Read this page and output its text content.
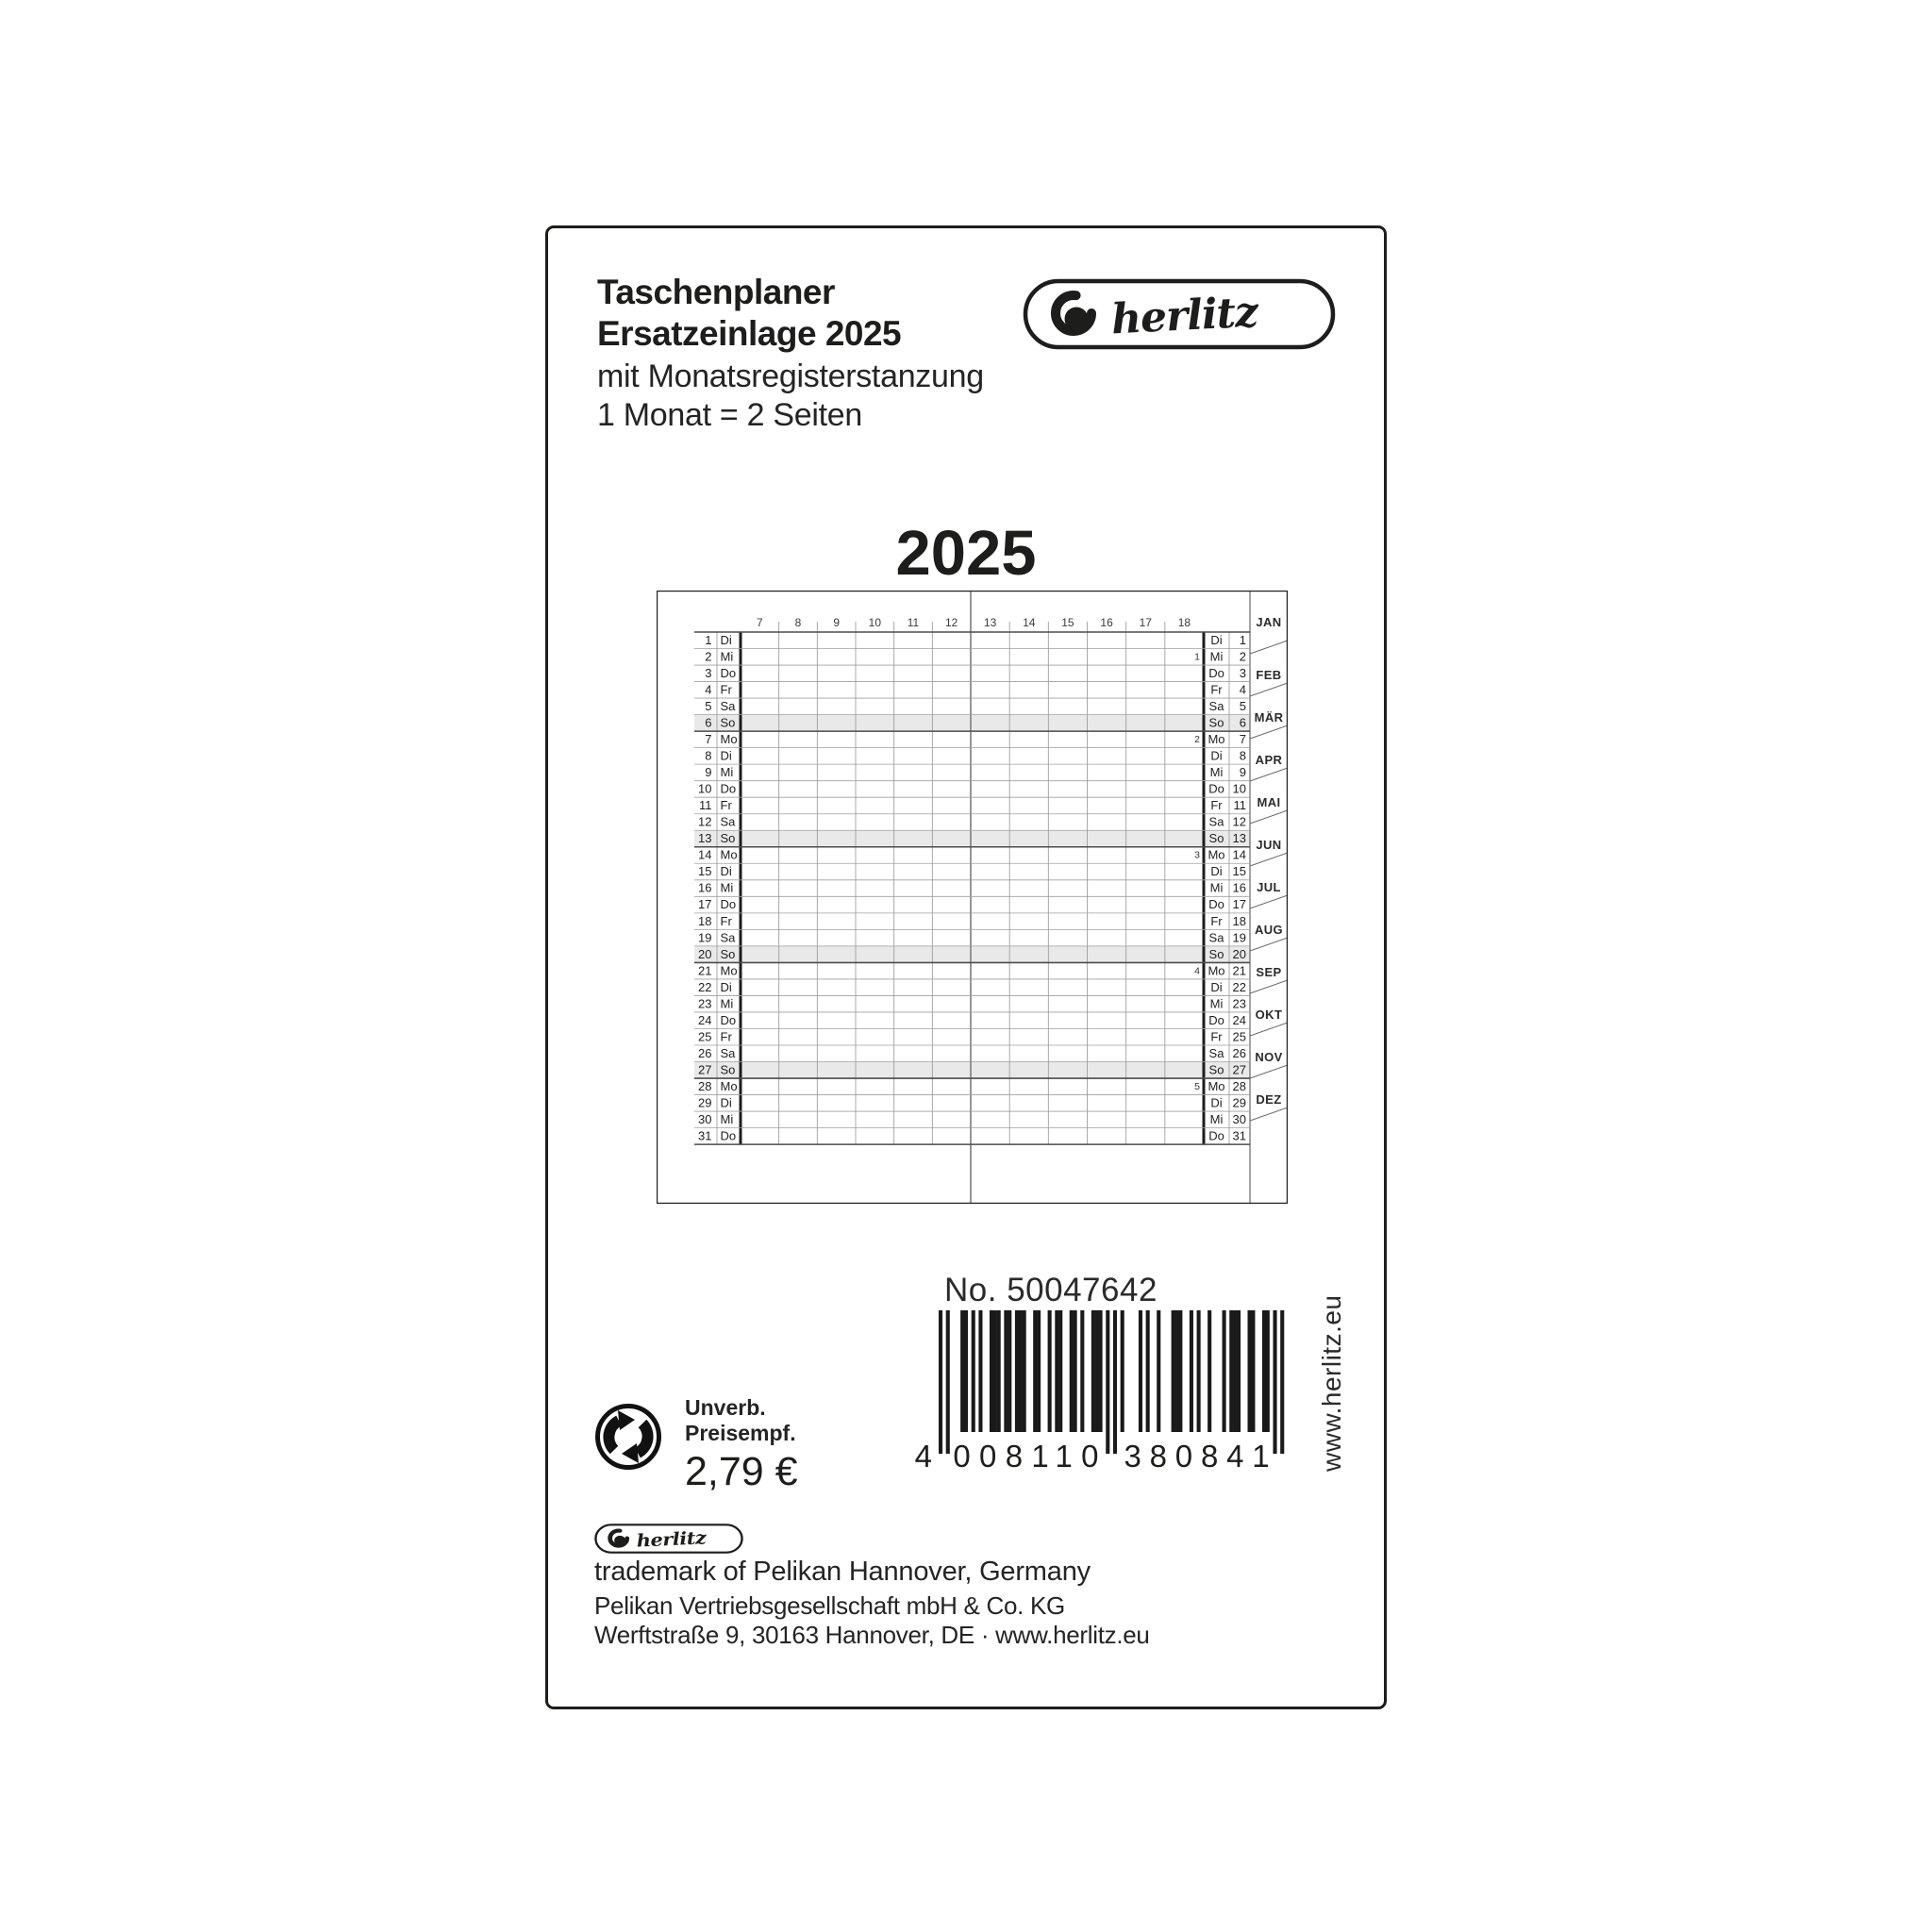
Taschenplaner
Ersatzeinlage 2025
mit Monatsregisterstanzung
1 Monat = 2 Seiten
herlitz
2025
7	8	9	10 11 12 13 14 15 16 17 18
1 Di	Di 1
2 Mi	Mi 2
1
3 Do	Do 3
4 Fr	Fr 4
5 Sa	Sa 5
6 So	So 6
7 Mo	Mo 7
2
8 Di	Di 8
9 Mi	Mi 9
10 Do	Do 10
11 Fr	Fr 11
12 Sa	Sa 12
13 So	So 13
14 Mo	Mo 14
3
15 Di	Di 15
16 Mi	Mi 16
17 Do	Do 17
18 Fr	Fr 18
19 Sa	Sa 19
20 So	So 20
21 Mo	Mo 21
4
22 Di	Di 22
23 Mi	Mi 23
24 Do	Do 24
25 Fr	Fr 25
26 Sa	Sa 26
27 So	So 27
28 Mo	Mo 28
5
29 Di	Di 29
30 Mi	Mi 30
31 Do	Do 31
JAN
FEB
MÄR
APR
MAI
JUN
JUL
AUG
SEP
OKT
NOV
DEZ
No. 50047642
4 008110 380841 www.herlitz.eu
Unverb.
Preisempf.
2,79 €
herlitz
trademark of Pelikan Hannover, Germany
Pelikan Vertriebsgesellschaft mbH & Co. KG
Werftstraße 9, 30163 Hannover, DE · www.herlitz.eu
